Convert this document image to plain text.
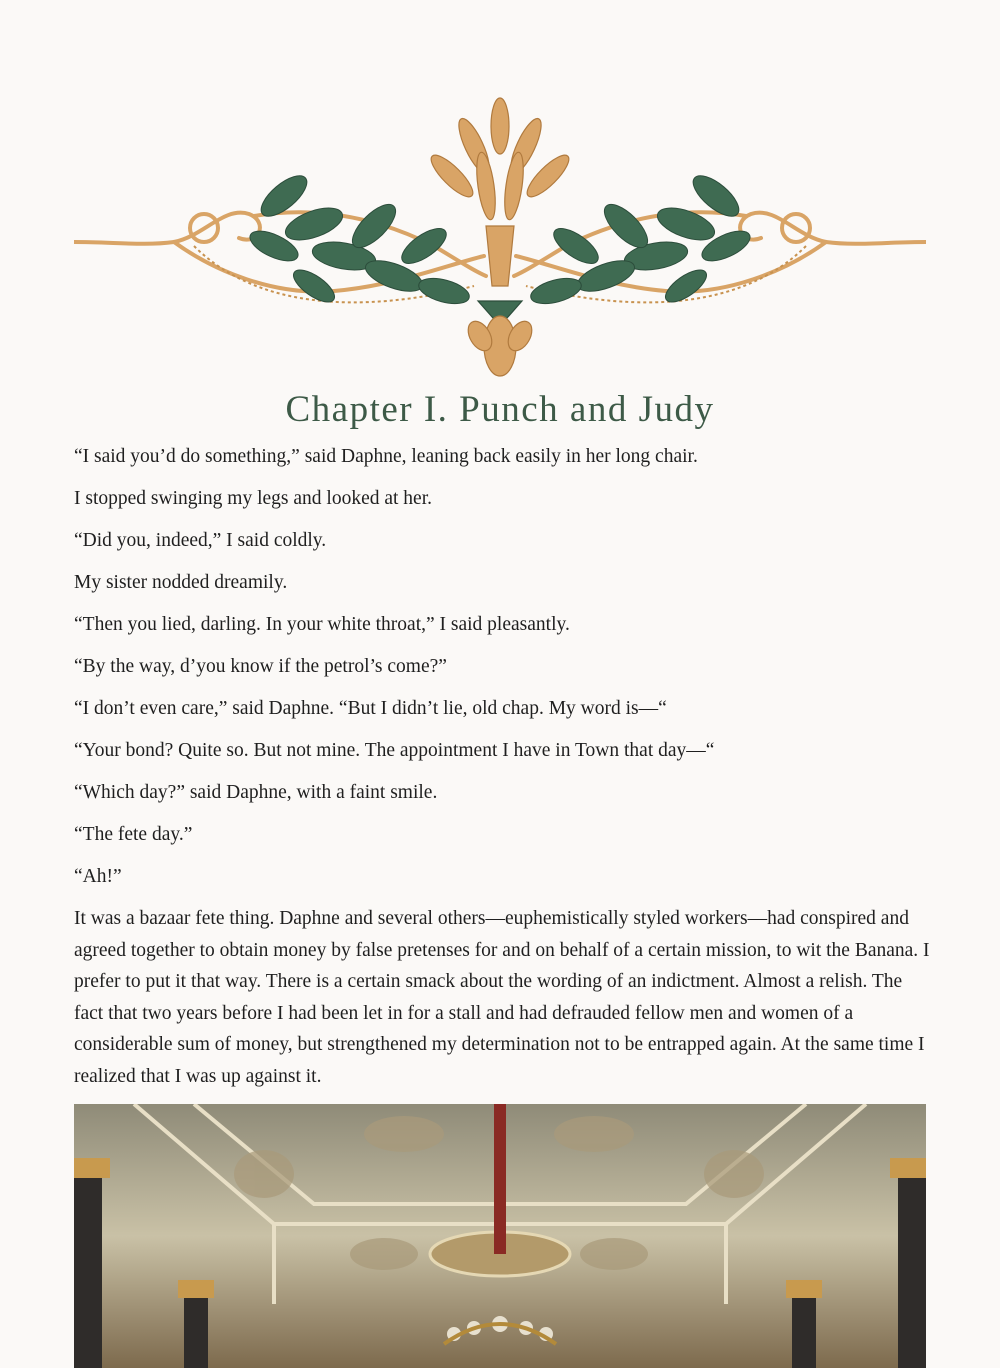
Chapter I. Punch and Judy

“I said you’d do something,” said Daphne, leaning back easily in her long chair.

I stopped swinging my legs and looked at her.

“Did you, indeed,” I said coldly.

My sister nodded dreamily.

“Then you lied, darling. In your white throat,” I said pleasantly.

“By the way, d’you know if the petrol’s come?”

“I don’t even care,” said Daphne. “But I didn’t lie, old chap. My word is—“

“Your bond? Quite so. But not mine. The appointment I have in Town that day—“

“Which day?” said Daphne, with a faint smile.

“The fete day.”

“Ah!”

It was a bazaar fete thing. Daphne and several others—euphemistically styled workers—had conspired and agreed together to obtain money by false pretenses for and on behalf of a certain mission, to wit the Banana. I prefer to put it that way. There is a certain smack about the wording of an indictment. Almost a relish. The fact that two years before I had been let in for a stall and had defrauded fellow men and women of a considerable sum of money, but strengthened my determination not to be entrapped again. At the same time I realized that I was up against it.
